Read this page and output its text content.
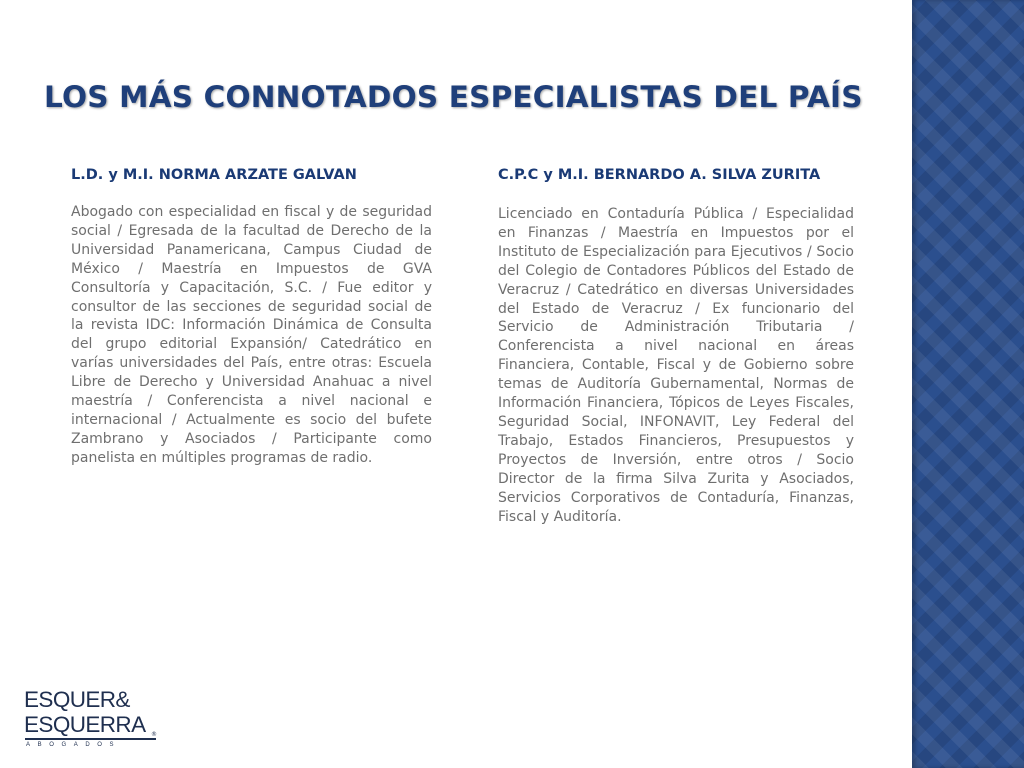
LOS MÁS CONNOTADOS ESPECIALISTAS DEL PAÍS
L.D. y M.I. NORMA ARZATE GALVAN

Abogado con especialidad en fiscal y de seguridad social / Egresada de la facultad de Derecho de la Universidad Panamericana, Campus Ciudad de México / Maestría en Impuestos de GVA Consultoría y Capacitación, S.C. / Fue editor y consultor de las secciones de seguridad social de la revista IDC: Información Dinámica de Consulta del grupo editorial Expansión/ Catedrático en varías universidades del País, entre otras: Escuela Libre de Derecho y Universidad Anahuac a nivel maestría / Conferencista a nivel nacional e internacional / Actualmente es socio del bufete Zambrano y Asociados / Participante como panelista en múltiples programas de radio.

C.P.C y M.I. BERNARDO A. SILVA ZURITA

Licenciado en Contaduría Pública / Especialidad en Finanzas / Maestría en Impuestos por el Instituto de Especialización para Ejecutivos / Socio del Colegio de Contadores Públicos del Estado de Veracruz / Catedrático en diversas Universidades del Estado de Veracruz / Ex funcionario del Servicio de Administración Tributaria / Conferencista a nivel nacional en áreas Financiera, Contable, Fiscal y de Gobierno sobre temas de Auditoría Gubernamental, Normas de Información Financiera, Tópicos de Leyes Fiscales, Seguridad Social, INFONAVIT, Ley Federal del Trabajo, Estados Financieros, Presupuestos y Proyectos de Inversión, entre otros / Socio Director de la firma Silva Zurita y Asociados, Servicios Corporativos de Contaduría, Finanzas, Fiscal y Auditoría.

ESQUER&
ESQUERRA ®
ABOGADOS
